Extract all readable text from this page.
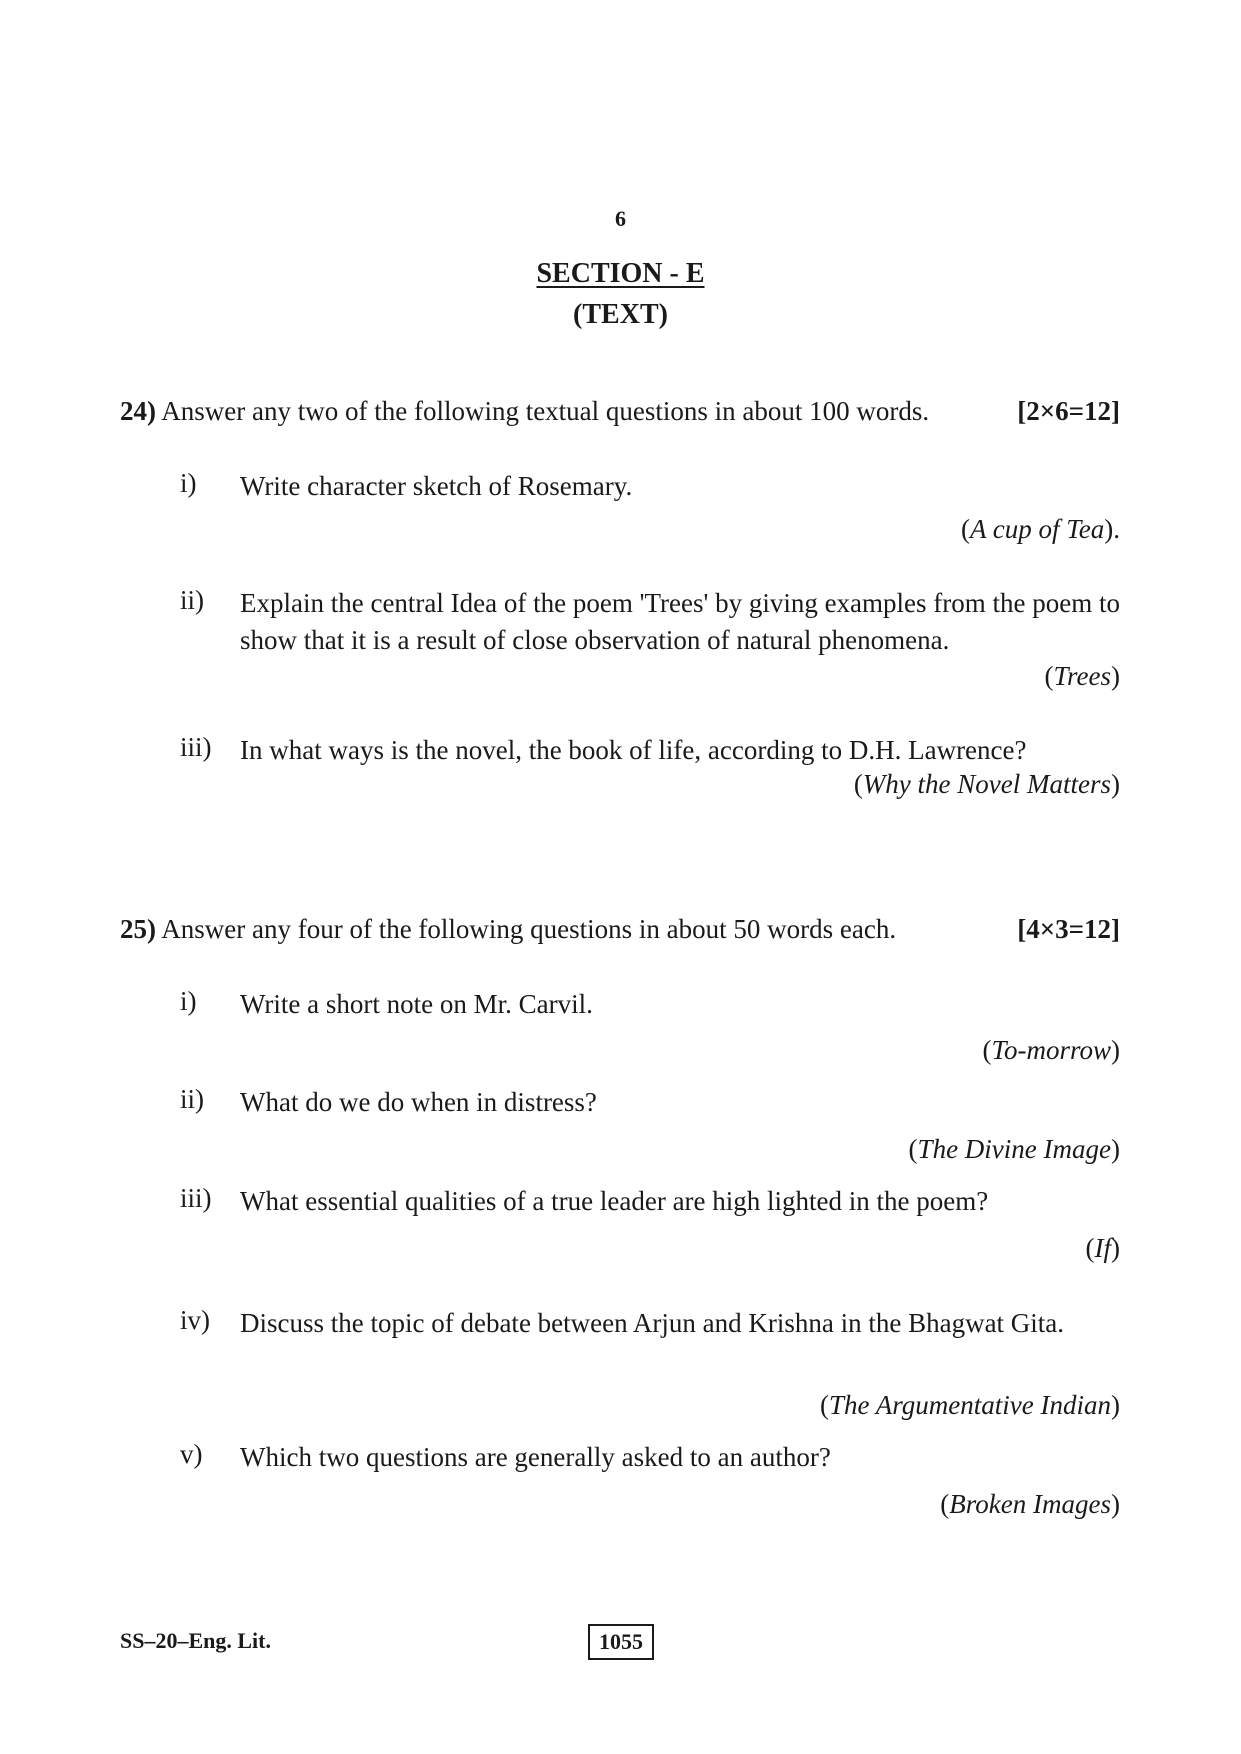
6
SECTION - E
(TEXT)
24) Answer any two of the following textual questions in about 100 words.	[2×6=12]
i) Write character sketch of Rosemary.
(A cup of Tea).
ii) Explain the central Idea of the poem 'Trees' by giving examples from the poem to show that it is a result of close observation of natural phenomena.
(Trees)
iii) In what ways is the novel, the book of life, according to D.H. Lawrence?
(Why the Novel Matters)
25) Answer any four of the following questions in about 50 words each.	[4×3=12]
i) Write a short note on Mr. Carvil.
(To-morrow)
ii) What do we do when in distress?
(The Divine Image)
iii) What essential qualities of a true leader are high lighted in the poem?
(If)
iv) Discuss the topic of debate between Arjun and Krishna in the Bhagwat Gita.
(The Argumentative Indian)
v) Which two questions are generally asked to an author?
(Broken Images)
SS–20–Eng. Lit.	1055
